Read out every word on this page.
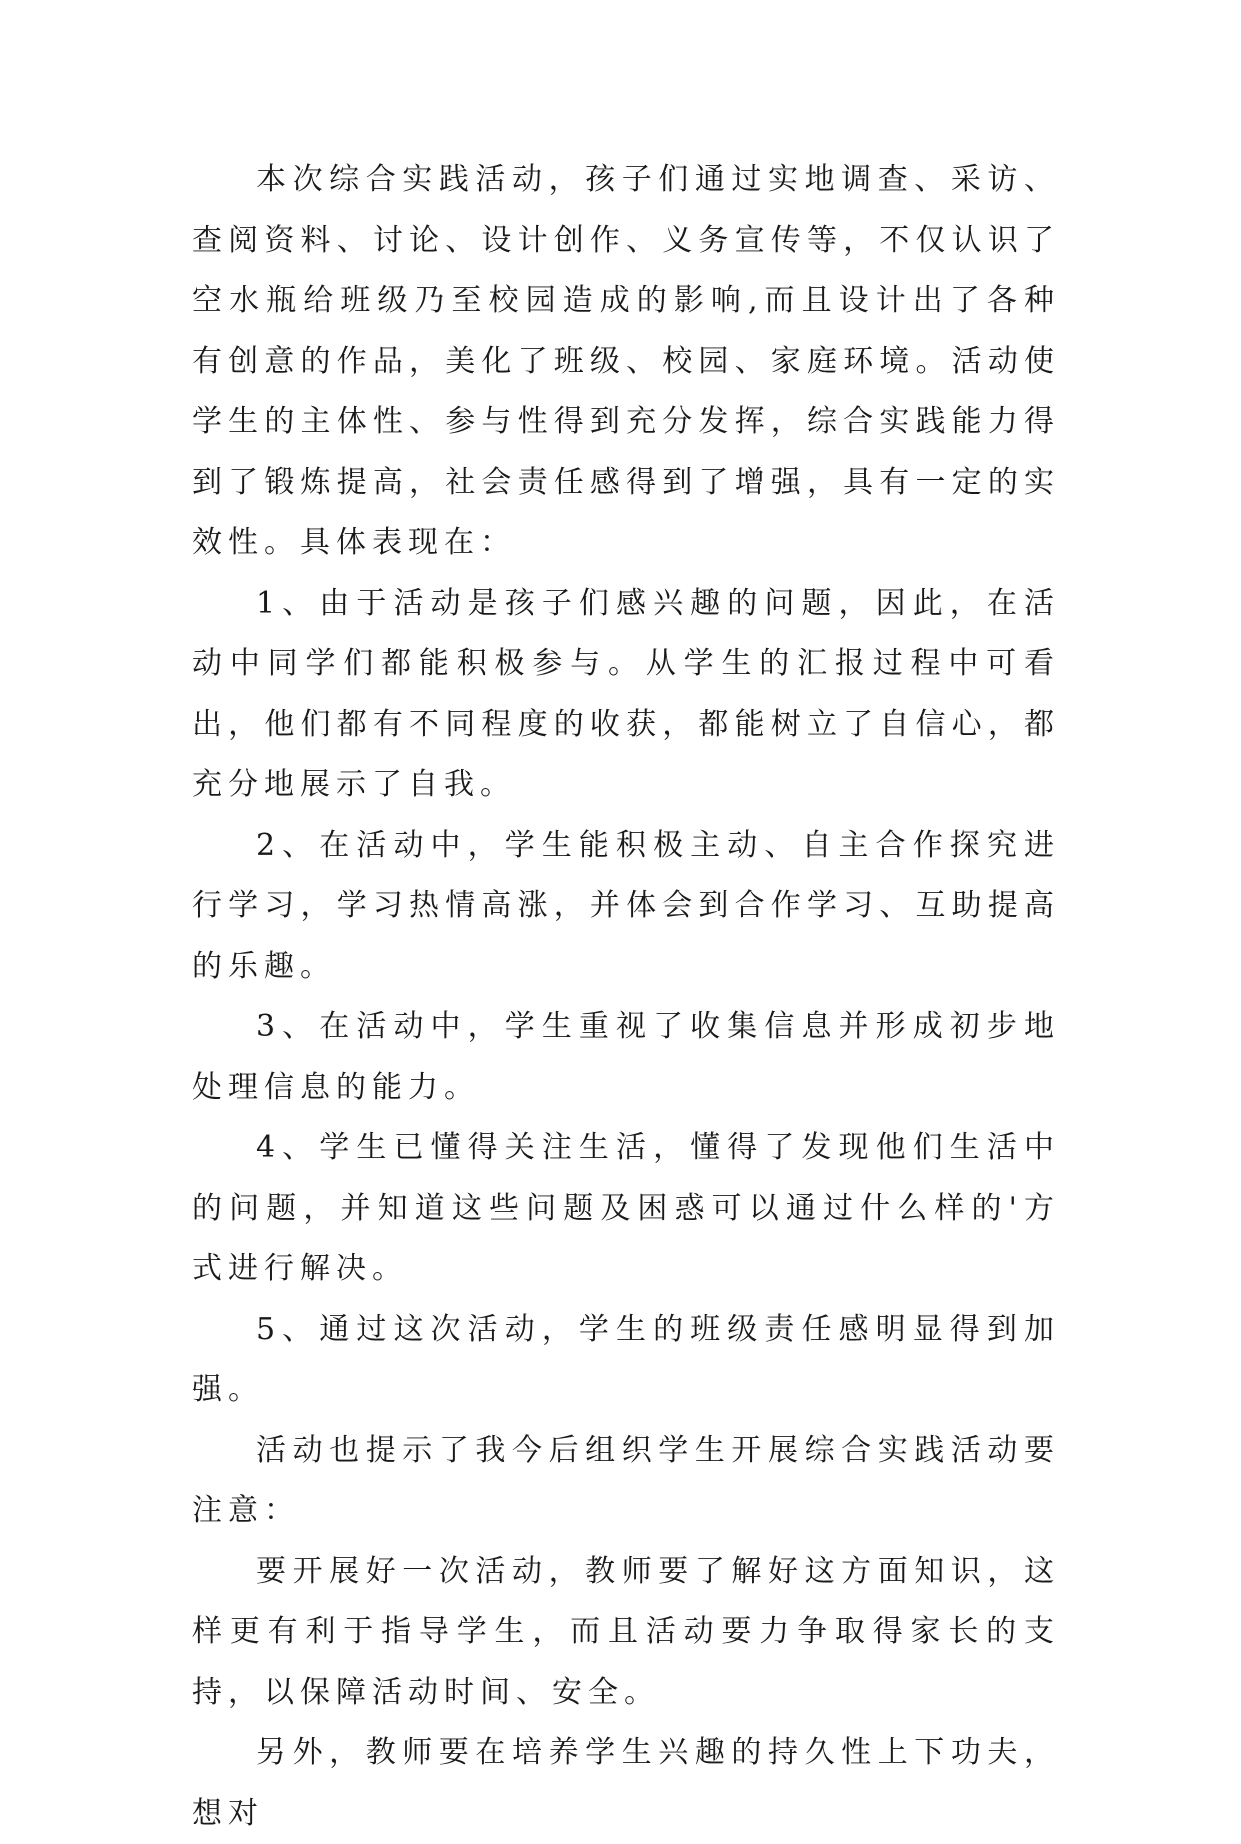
本次综合实践活动，孩子们通过实地调查、采访、查阅资料、讨论、设计创作、义务宣传等，不仅认识了空水瓶给班级乃至校园造成的影响,而且设计出了各种有创意的作品，美化了班级、校园、家庭环境。活动使学生的主体性、参与性得到充分发挥，综合实践能力得到了锻炼提高，社会责任感得到了增强，具有一定的实效性。具体表现在：

1、由于活动是孩子们感兴趣的问题，因此，在活动中同学们都能积极参与。从学生的汇报过程中可看出，他们都有不同程度的收获，都能树立了自信心，都充分地展示了自我。

2、在活动中，学生能积极主动、自主合作探究进行学习，学习热情高涨，并体会到合作学习、互助提高的乐趣。

3、在活动中，学生重视了收集信息并形成初步地处理信息的能力。

4、学生已懂得关注生活，懂得了发现他们生活中的问题，并知道这些问题及困惑可以通过什么样的'方式进行解决。

5、通过这次活动，学生的班级责任感明显得到加强。

活动也提示了我今后组织学生开展综合实践活动要注意：

要开展好一次活动，教师要了解好这方面知识，这样更有利于指导学生，而且活动要力争取得家长的支持，以保障活动时间、安全。

另外，教师要在培养学生兴趣的持久性上下功夫，想对
